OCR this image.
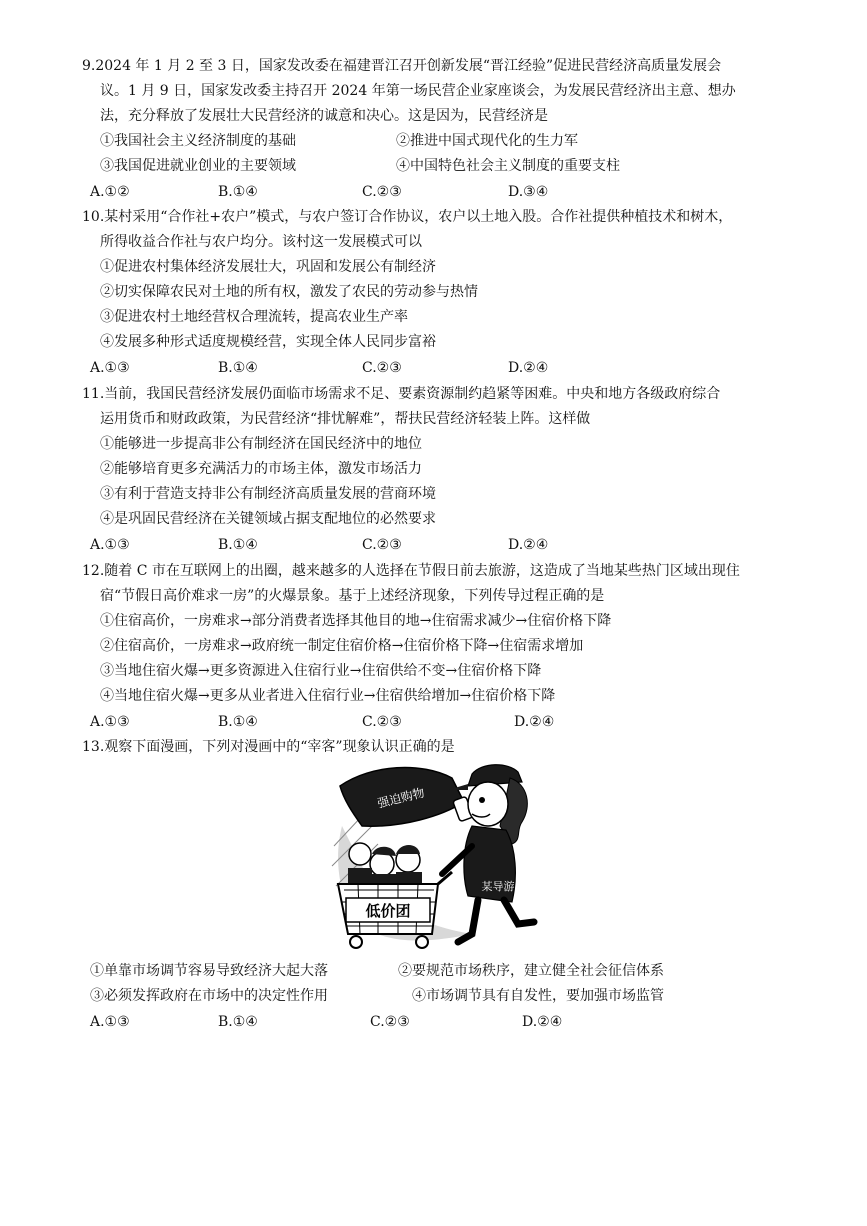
9.2024 年 1 月 2 至 3 日，国家发改委在福建晋江召开创新发展“晋江经验”促进民营经济高质量发展会
议。1 月 9 日，国家发改委主持召开 2024 年第一场民营企业家座谈会，为发展民营经济出主意、想办
法，充分释放了发展壮大民营经济的诚意和决心。这是因为，民营经济是
①我国社会主义经济制度的基础	②推进中国式现代化的生力军
③我国促进就业创业的主要领域	④中国特色社会主义制度的重要支柱
A.①②	B.①④	C.②③	D.③④
10.某村采用“合作社+农户”模式，与农户签订合作协议，农户以土地入股。合作社提供种植技术和树木，
所得收益合作社与农户均分。该村这一发展模式可以
①促进农村集体经济发展壮大，巩固和发展公有制经济
②切实保障农民对土地的所有权，激发了农民的劳动参与热情
③促进农村土地经营权合理流转，提高农业生产率
④发展多种形式适度规模经营，实现全体人民同步富裕
A.①③	B.①④	C.②③	D.②④
11.当前，我国民营经济发展仍面临市场需求不足、要素资源制约趋紧等困难。中央和地方各级政府综合
运用货币和财政政策，为民营经济“排忧解难”，帮扶民营经济轻装上阵。这样做
①能够进一步提高非公有制经济在国民经济中的地位
②能够培育更多充满活力的市场主体，激发市场活力
③有利于营造支持非公有制经济高质量发展的营商环境
④是巩固民营经济在关键领域占据支配地位的必然要求
A.①③	B.①④	C.②③	D.②④
12.随着 C 市在互联网上的出圈，越来越多的人选择在节假日前去旅游，这造成了当地某些热门区域出现住
宿“节假日高价难求一房”的火爆景象。基于上述经济现象，下列传导过程正确的是
①住宿高价，一房难求→部分消费者选择其他目的地→住宿需求减少→住宿价格下降
②住宿高价，一房难求→政府统一制定住宿价格→住宿价格下降→住宿需求增加
③当地住宿火爆→更多资源进入住宿行业→住宿供给不变→住宿价格下降
④当地住宿火爆→更多从业者进入住宿行业→住宿供给增加→住宿价格下降
A.①③	B.①④	C.②③	D.②④
13.观察下面漫画，下列对漫画中的“宰客”现象认识正确的是
强迫购物
某导游
低价团
①单靠市场调节容易导致经济大起大落	②要规范市场秩序，建立健全社会征信体系
③必须发挥政府在市场中的决定性作用	④市场调节具有自发性，要加强市场监管
A.①③	B.①④	C.②③	D.②④
